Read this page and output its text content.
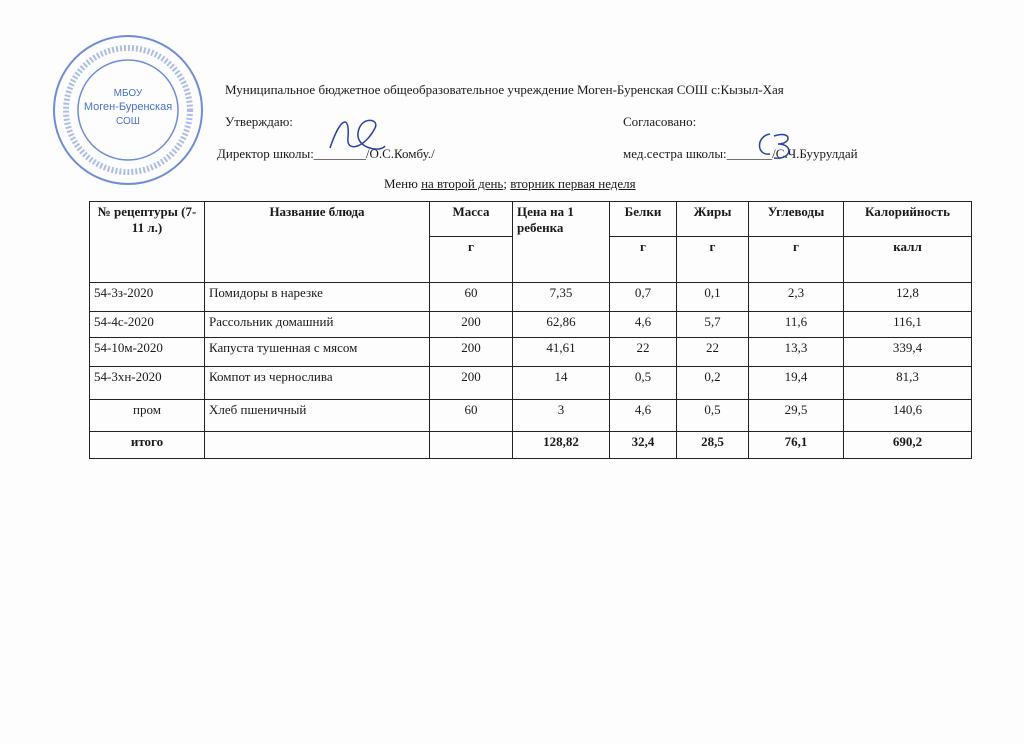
МБОУ
Моген-Буренская
СОШ
Муниципальное бюджетное общеобразовательное учреждение Моген-Буренская СОШ с:Кызыл-Хая
Утверждаю:	Согласовано:
Директор школы:________/О.С.Комбу./	мед.сестра школы:_______/С.Ч.Буурулдай
Меню на второй день; вторник первая неделя
№ рецептуры (7-11 л.)	Название блюда	Масса	Цена на 1 ребенка	Белки	Жиры	Углеводы	Калорийность
		г		г	г	г	калл
54-3з-2020	Помидоры в нарезке	60	7,35	0,7	0,1	2,3	12,8
54-4с-2020	Рассольник домашний	200	62,86	4,6	5,7	11,6	116,1
54-10м-2020	Капуста тушенная с мясом	200	41,61	22	22	13,3	339,4
54-3хн-2020	Компот из чернослива	200	14	0,5	0,2	19,4	81,3
пром	Хлеб пшеничный	60	3	4,6	0,5	29,5	140,6
итого			128,82	32,4	28,5	76,1	690,2
